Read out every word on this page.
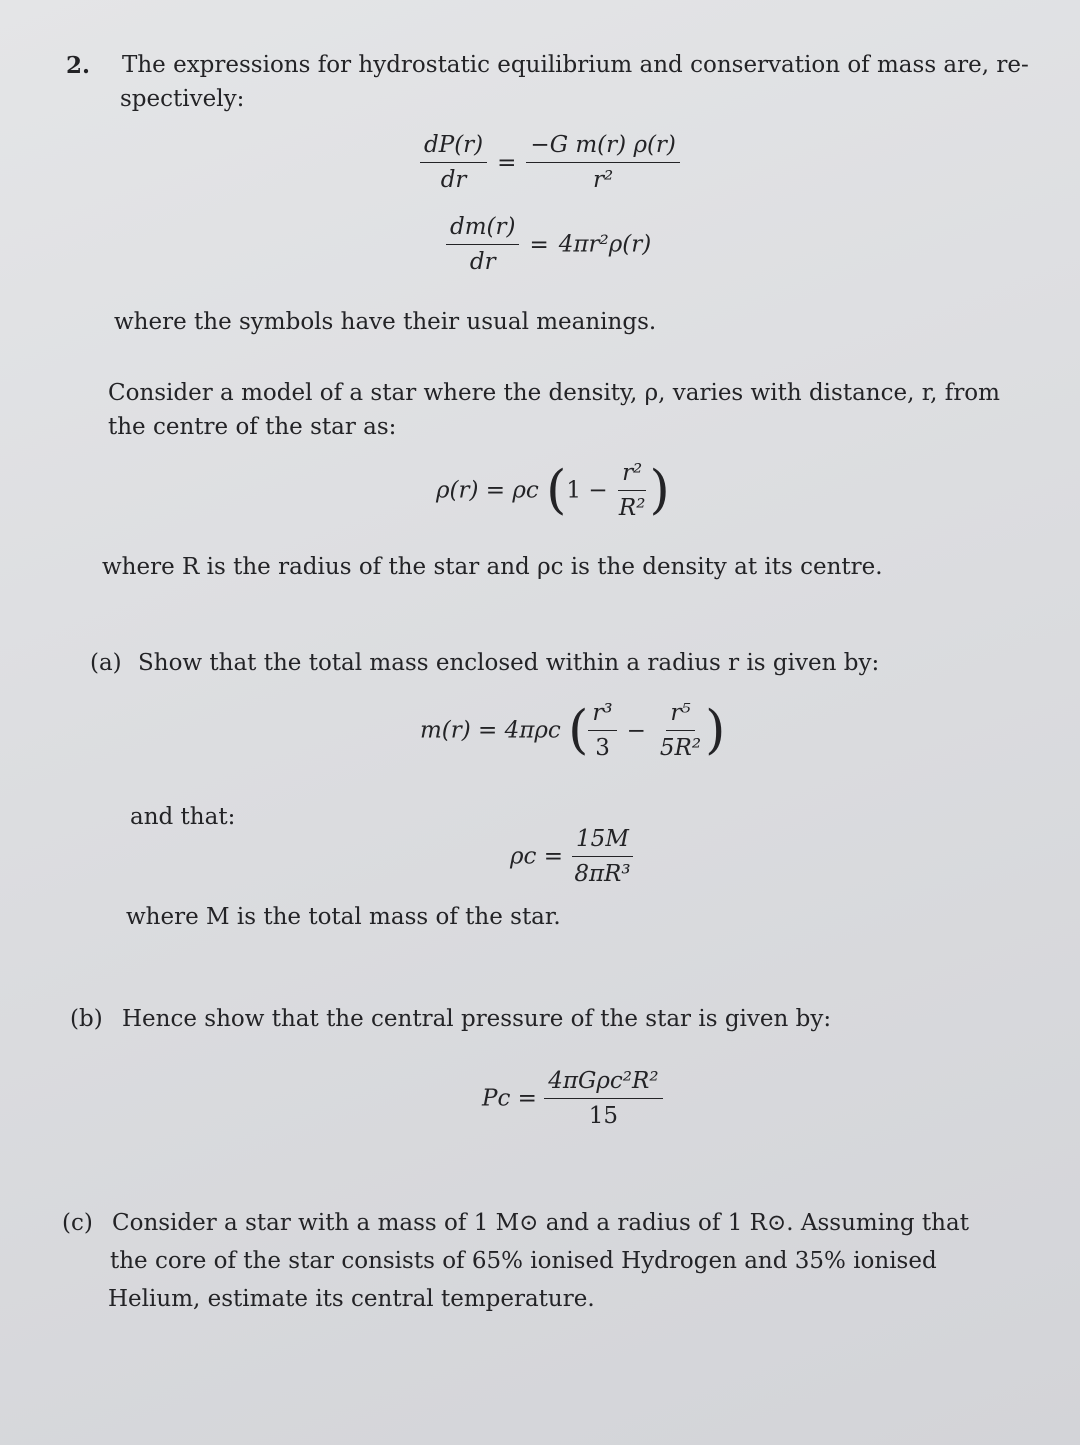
2. The expressions for hydrostatic equilibrium and conservation of mass are, re-
spectively:
$\frac{dP(r)}{dr} = \frac{\text{−G m(r) ρ(r)}}{\text{r²}}$
$\frac{dm(r)}{dr} = 4\pi r^2\rho(r)$
where the symbols have their usual meanings.
Consider a model of a star where the density, ρ, varies with distance, r, from
the centre of the star as:
ρ(r) = ρc ($1 - \frac{\text{r²}}{\text{R²}}$ )
where R is the radius of the star and ρc is the density at its centre.
(a) Show that the total mass enclosed within a radius r is given by:
m(r) = 4πρc ( $\frac{\text{r³}}{3} - \frac{\text{r⁵}}{\text{5R²}}$ )
and that:
$\rho c = \frac{15M}{\text{8πR³}}$
where M is the total mass of the star.
(b) Hence show that the central pressure of the star is given by:
$Pc = \frac{\text{4πGρc²R²}}{15}$
(c) Consider a star with a mass of 1 M⊙ and a radius of 1 R⊙. Assuming that
the core of the star consists of 65% ionised Hydrogen and 35% ionised
Helium, estimate its central temperature.
